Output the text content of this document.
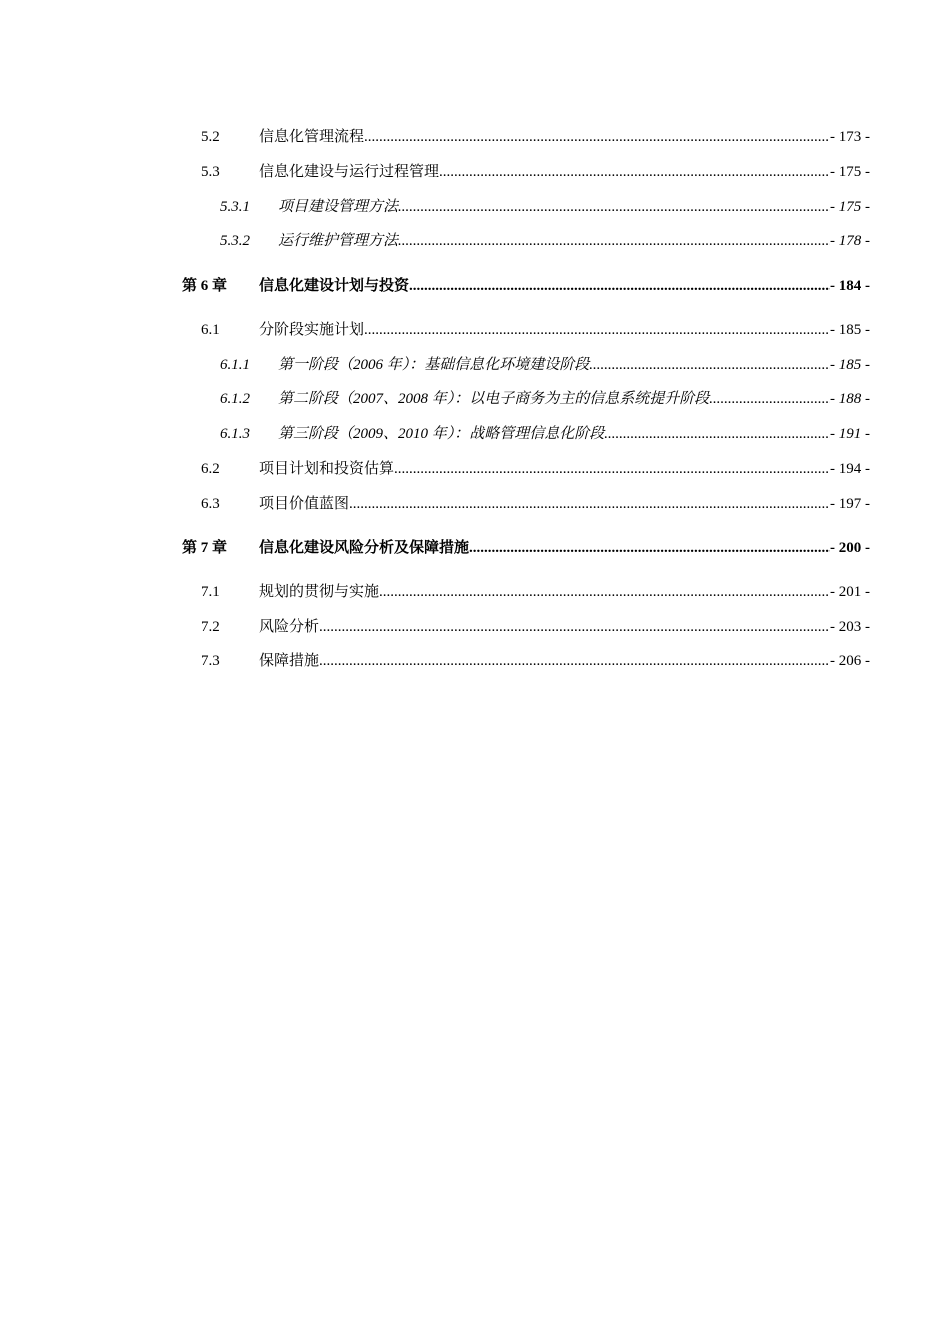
5.2	信息化管理流程 .....	- 173 -
5.3	信息化建设与运行过程管理 .....	- 175 -
5.3.1	项目建设管理方法 .....	- 175 -
5.3.2	运行维护管理方法 .....	- 178 -
第 6 章	信息化建设计划与投资 .....	- 184 -
6.1	分阶段实施计划 .....	- 185 -
6.1.1	第一阶段（2006 年）：基础信息化环境建设阶段 .....	- 185 -
6.1.2	第二阶段（2007、2008 年）：以电子商务为主的信息系统提升阶段 .....	- 188 -
6.1.3	第三阶段（2009、2010 年）：战略管理信息化阶段 .....	- 191 -
6.2	项目计划和投资估算 .....	- 194 -
6.3	项目价值蓝图 .....	- 197 -
第 7 章	信息化建设风险分析及保障措施 .....	- 200 -
7.1	规划的贯彻与实施 .....	- 201 -
7.2	风险分析 .....	- 203 -
7.3	保障措施 .....	- 206 -
